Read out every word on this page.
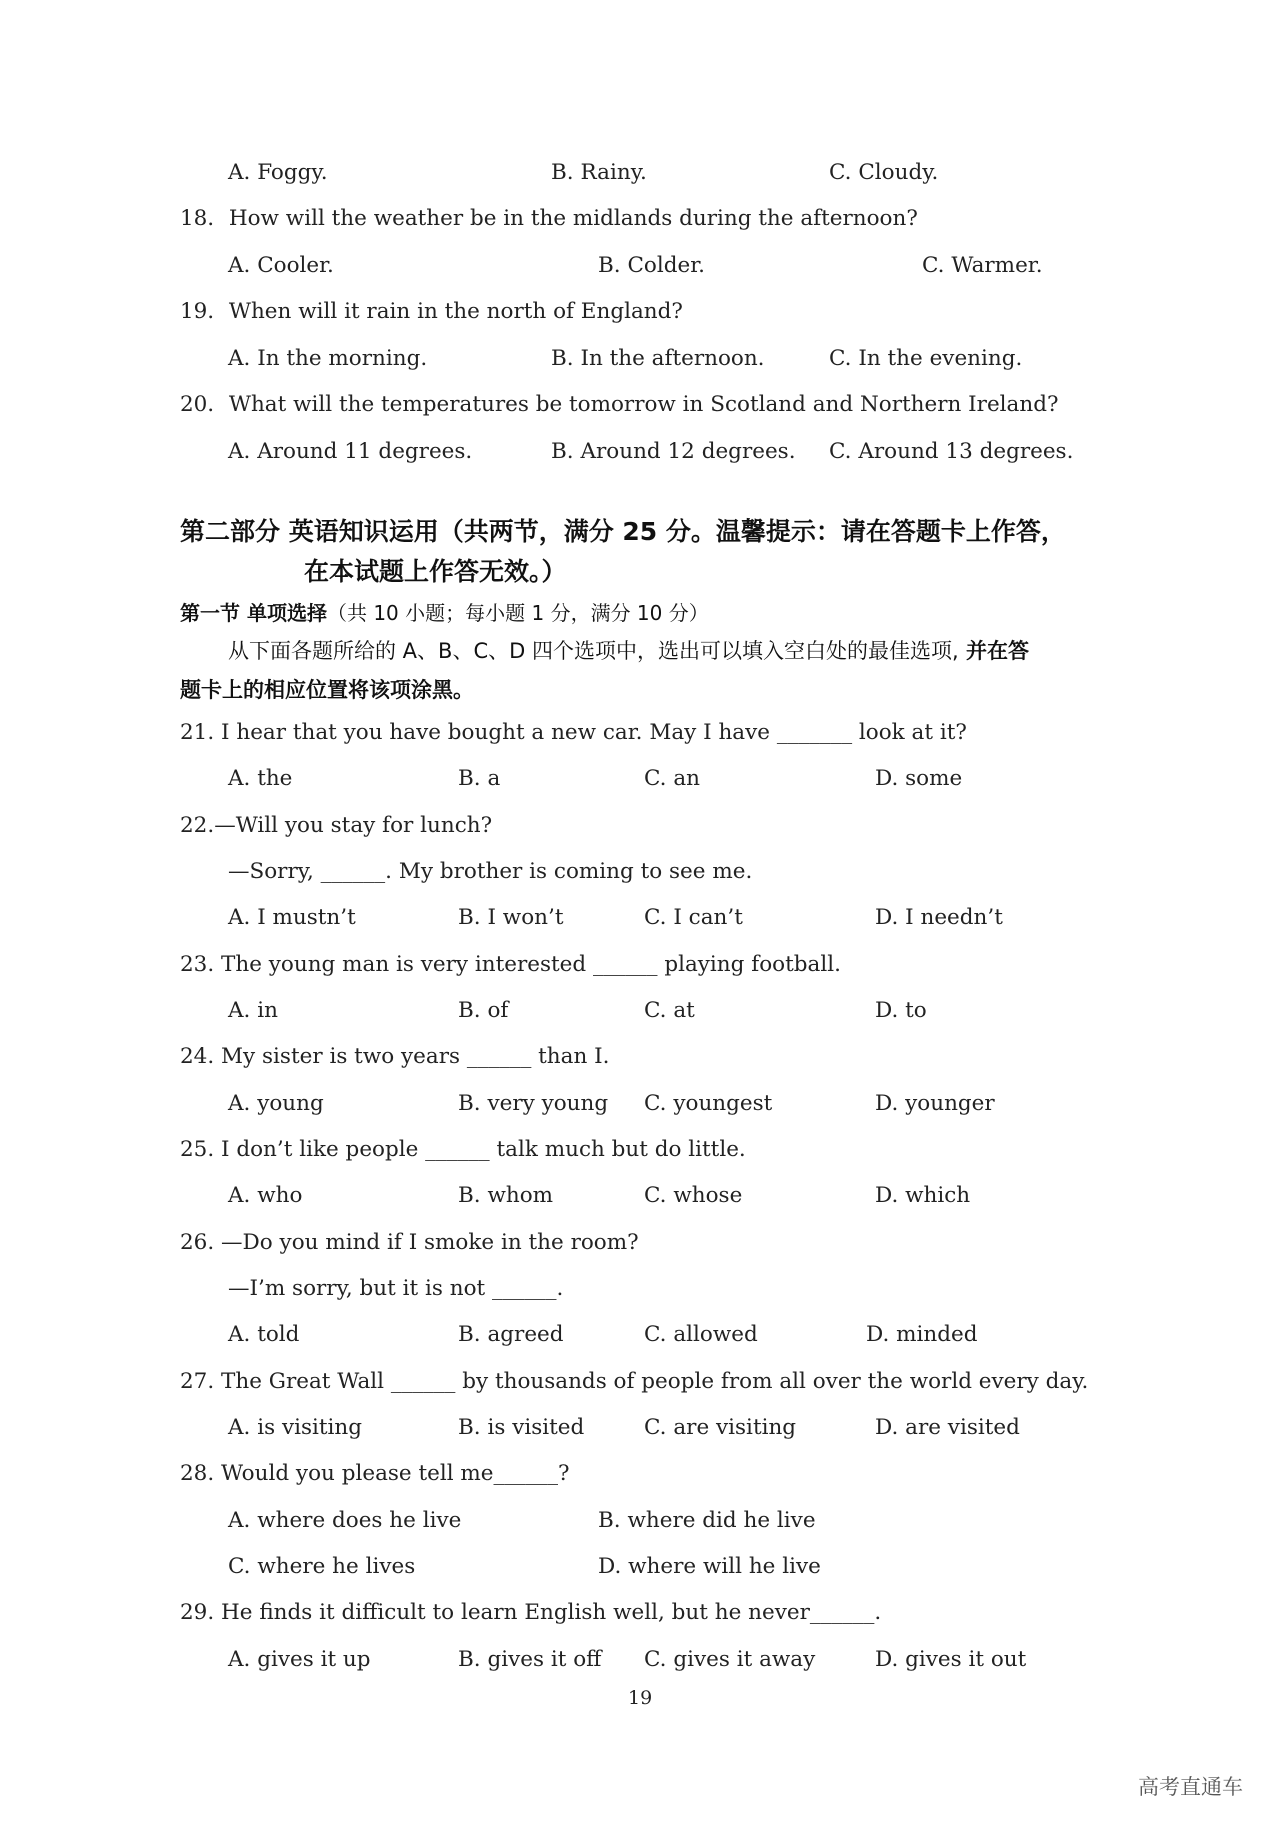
A. Foggy.	B. Rainy.	C. Cloudy.
18．How will the weather be in the midlands during the afternoon?
A. Cooler.	B. Colder.	C. Warmer.
19．When will it rain in the north of England?
A. In the morning.	B. In the afternoon.	C. In the evening.
20．What will the temperatures be tomorrow in Scotland and Northern Ireland?
A. Around 11 degrees.	B. Around 12 degrees. C. Around 13 degrees.
第二部分 英语知识运用（共两节，满分 25 分。温馨提示：请在答题卡上作答，
在本试题上作答无效。）
第一节 单项选择（共 10 小题；每小题 1 分，满分 10 分）
从下面各题所给的 A、B、C、D 四个选项中，选出可以填入空白处的最佳选项, 并在答
题卡上的相应位置将该项涂黑。
21. I hear that you have bought a new car. May I have _______ look at it?
A. the	B. a	C. an	D. some
22.—Will you stay for lunch?
—Sorry, ______. My brother is coming to see me.
A. I mustn’t	B. I won’t	C. I can’t	D. I needn’t
23. The young man is very interested ______ playing football.
A. in	B. of	C. at	D. to
24. My sister is two years ______ than I.
A. young	B. very young C. youngest	D. younger
25. I don’t like people ______ talk much but do little.
A. who	B. whom	C. whose	D. which
26. —Do you mind if I smoke in the room?
—I’m sorry, but it is not ______.
A. told	B. agreed	C. allowed	D. minded
27. The Great Wall ______ by thousands of people from all over the world every day.
A. is visiting	B. is visited	C. are visiting	D. are visited
28. Would you please tell me______?
A. where does he live	B. where did he live
C. where he lives	D. where will he live
29. He finds it difficult to learn English well, but he never______.
A. gives it up	B. gives it off C. gives it away	D. gives it out
19
高考直通车
